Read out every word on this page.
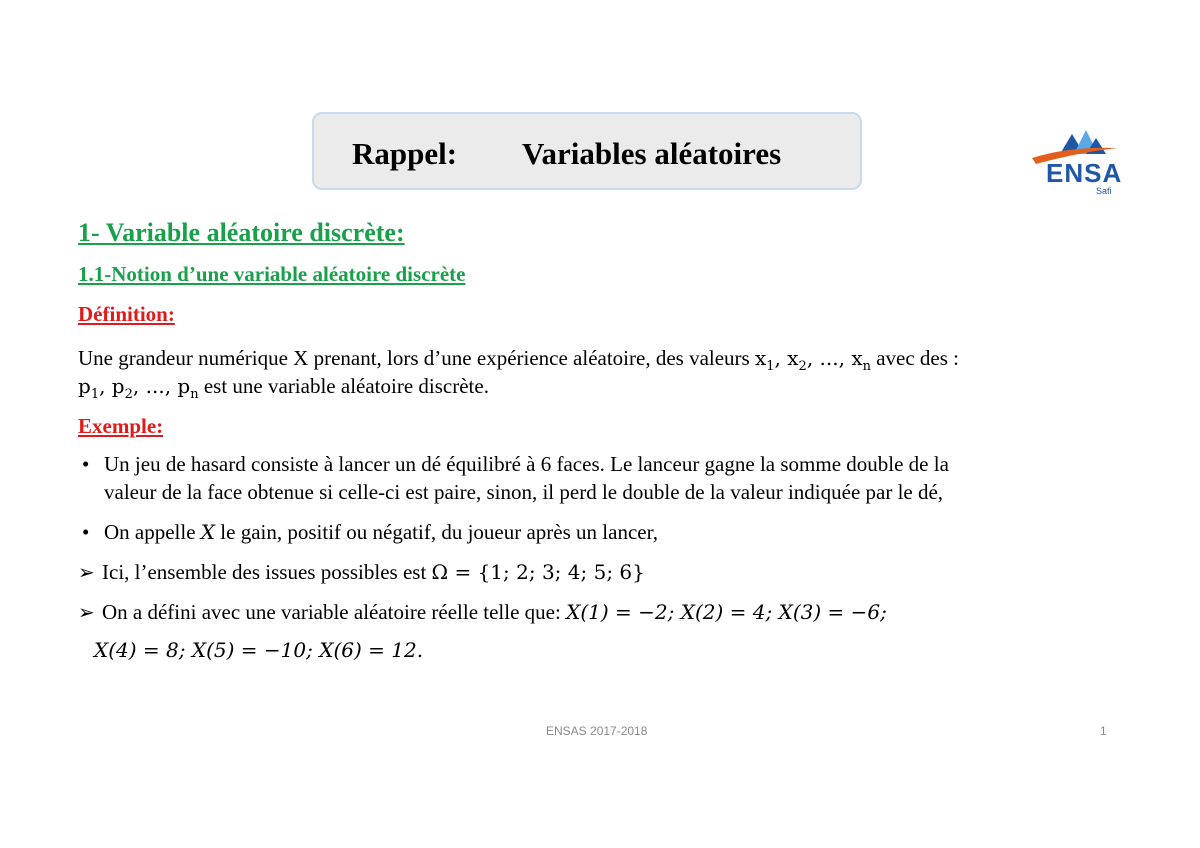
Rappel: Variables aléatoires
ENSA
Safi
1- Variable aléatoire discrète:
1.1-Notion d’une variable aléatoire discrète
Définition:
Une grandeur numérique X prenant, lors d’une expérience aléatoire, des valeurs $x_1$, $x_2$, ..., $x_n$ avec des :
$p_1$, $p_2$, ..., $p_n$ est une variable aléatoire discrète.
Exemple:
• Un jeu de hasard consiste à lancer un dé équilibré à 6 faces. Le lanceur gagne la somme double de la
valeur de la face obtenue si celle-ci est paire, sinon, il perd le double de la valeur indiquée par le dé,
• On appelle X le gain, positif ou négatif, du joueur après un lancer,
➢ Ici, l’ensemble des issues possibles est Ω = {1; 2; 3; 4; 5; 6}
➢ On a défini avec une variable aléatoire réelle telle que: X(1) = −2; X(2) = 4; X(3) = −6;
X(4) = 8; X(5) = −10; X(6) = 12.
ENSAS 2017-2018	1
